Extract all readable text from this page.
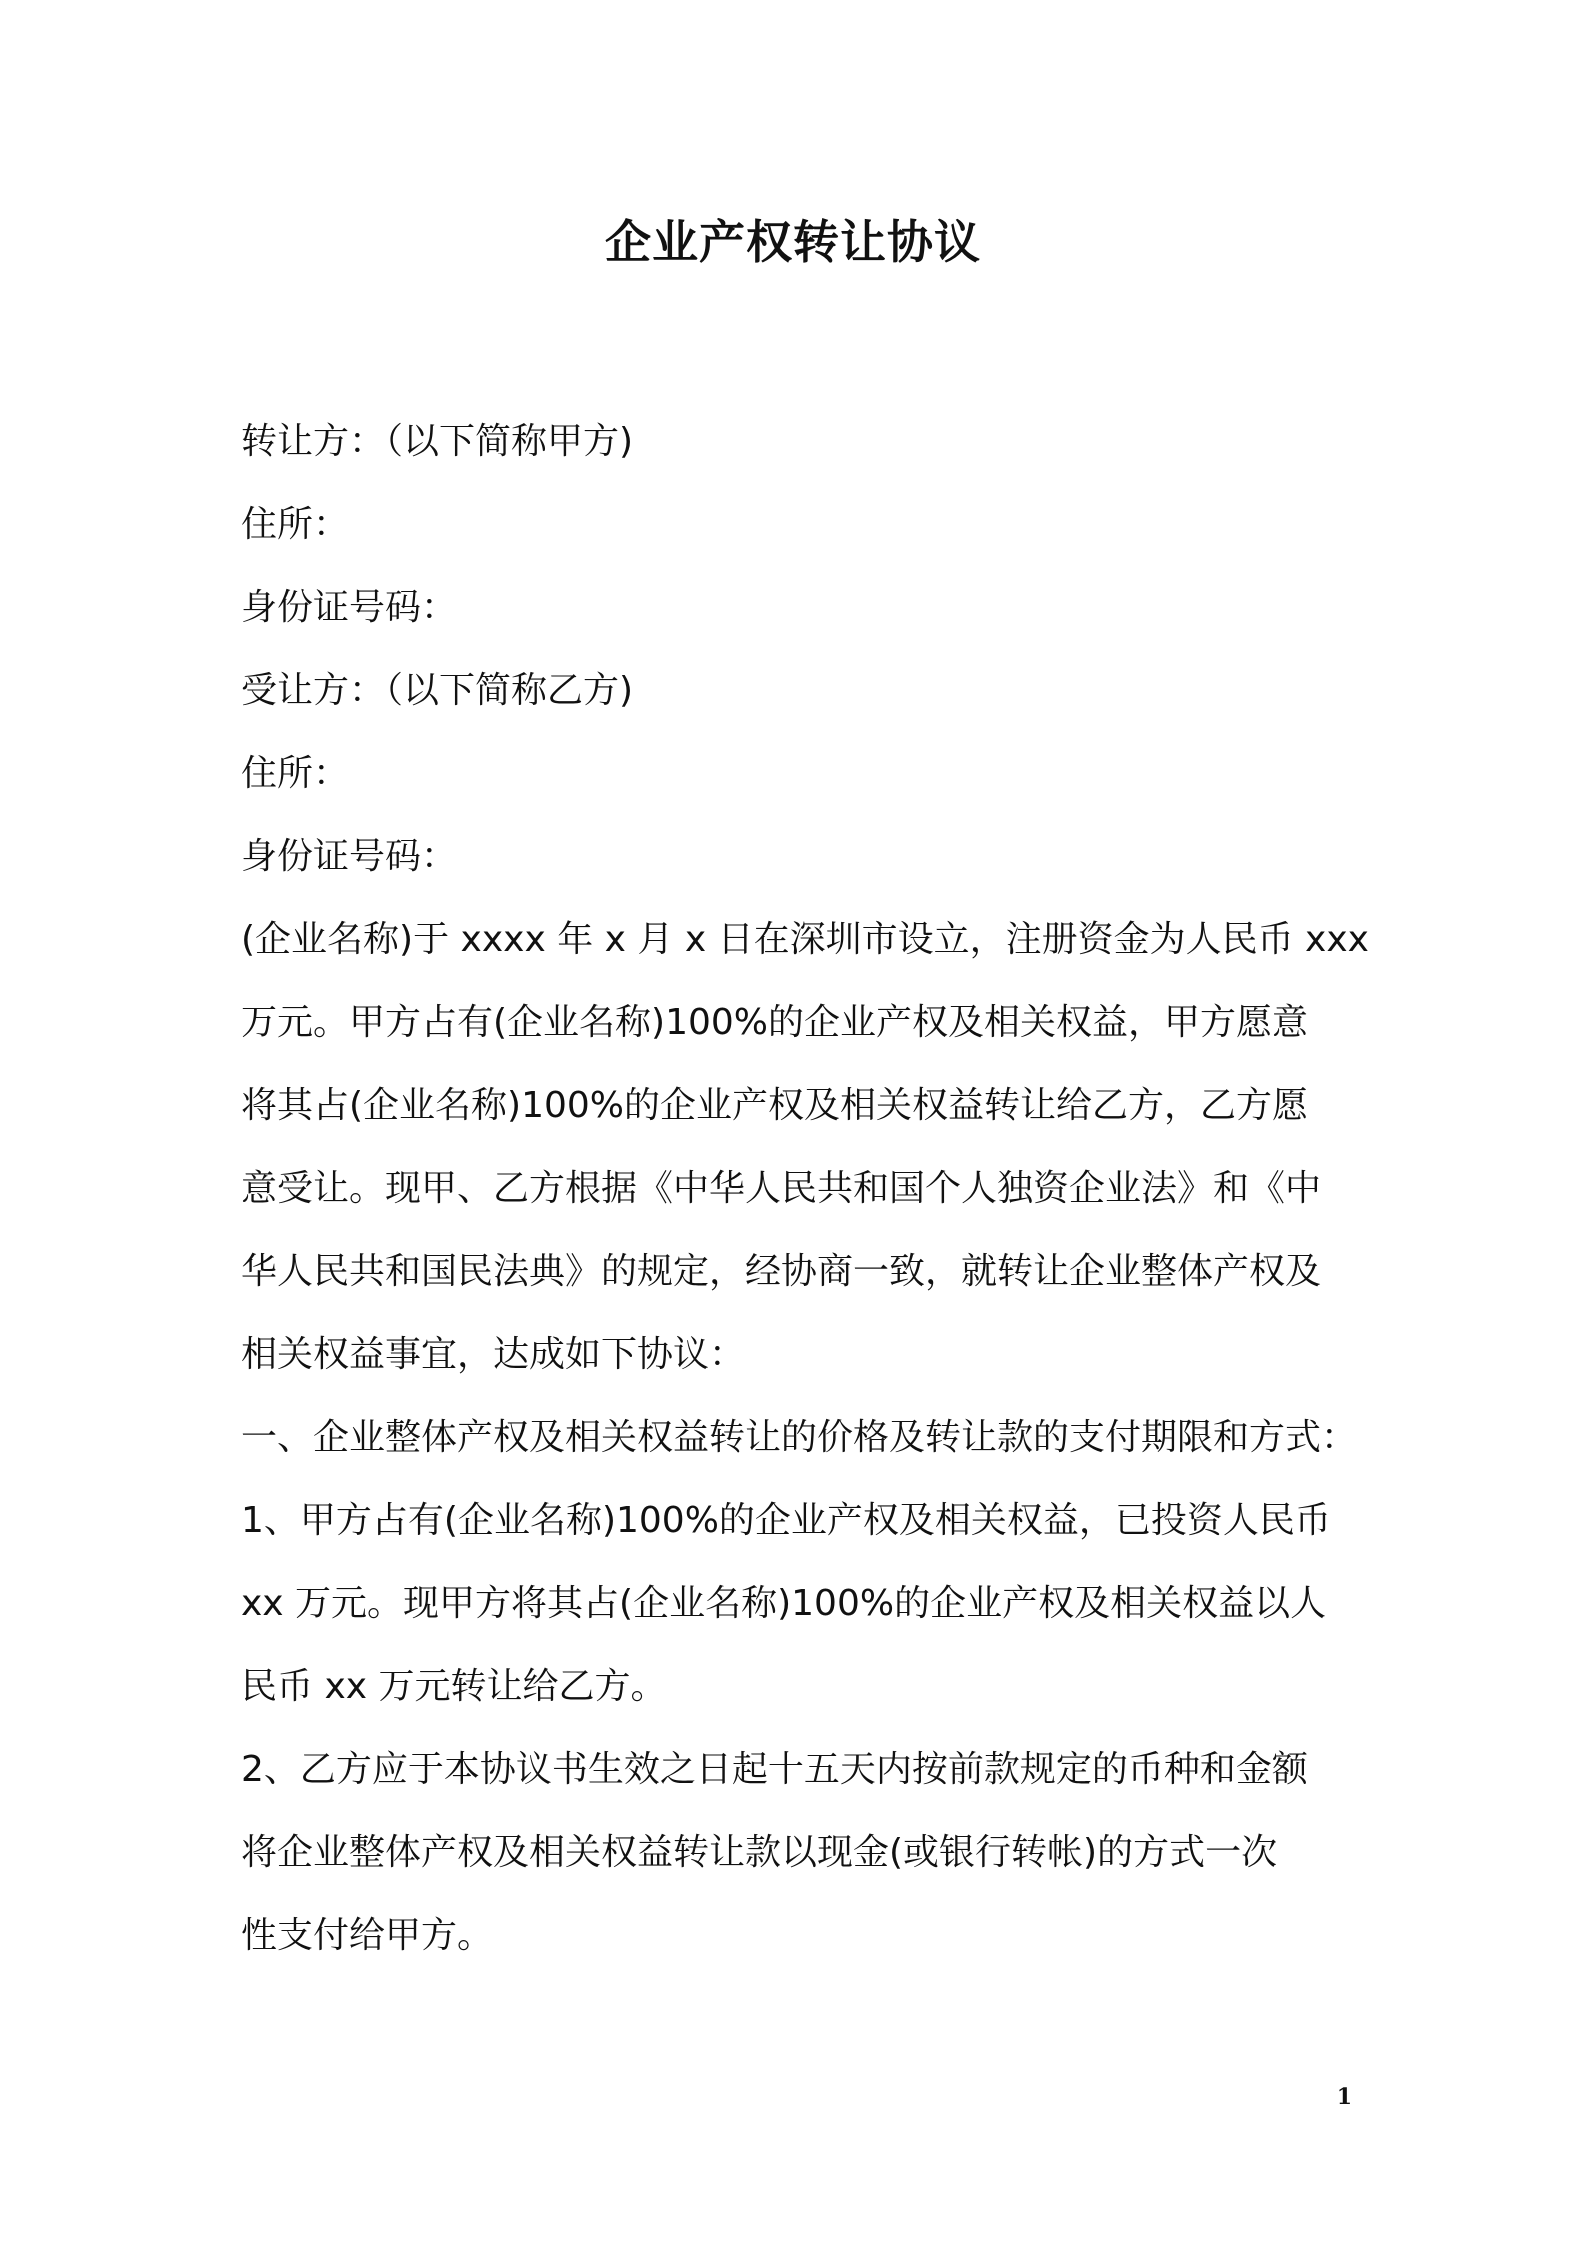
企业产权转让协议
转让方：（以下简称甲方)
住所：
身份证号码：
受让方：（以下简称乙方)
住所：
身份证号码：
(企业名称)于 xxxx 年 x 月 x 日在深圳市设立，注册资金为人民币 xxx
万元。甲方占有(企业名称)100%的企业产权及相关权益，甲方愿意
将其占(企业名称)100%的企业产权及相关权益转让给乙方，乙方愿
意受让。现甲、乙方根据《中华人民共和国个人独资企业法》和《中
华人民共和国民法典》的规定，经协商一致，就转让企业整体产权及
相关权益事宜，达成如下协议：
一、企业整体产权及相关权益转让的价格及转让款的支付期限和方式：
1、甲方占有(企业名称)100%的企业产权及相关权益，已投资人民币
xx 万元。现甲方将其占(企业名称)100%的企业产权及相关权益以人
民币 xx 万元转让给乙方。
2、乙方应于本协议书生效之日起十五天内按前款规定的币种和金额
将企业整体产权及相关权益转让款以现金(或银行转帐)的方式一次
性支付给甲方。
1
